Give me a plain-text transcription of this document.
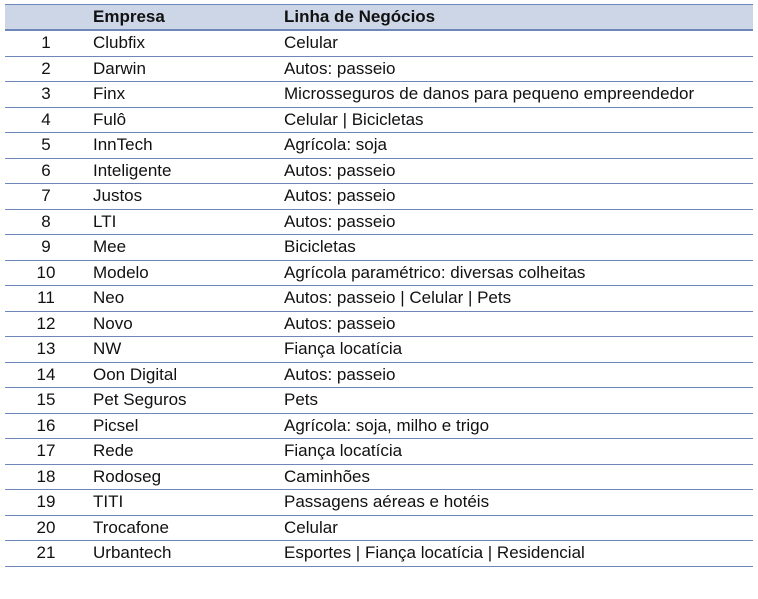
	Empresa	Linha de Negócios
1	Clubfix	Celular
2	Darwin	Autos: passeio
3	Finx	Microsseguros de danos para pequeno empreendedor
4	Fulô	Celular | Bicicletas
5	InnTech	Agrícola: soja
6	Inteligente	Autos: passeio
7	Justos	Autos: passeio
8	LTI	Autos: passeio
9	Mee	Bicicletas
10	Modelo	Agrícola paramétrico: diversas colheitas
11	Neo	Autos: passeio | Celular | Pets
12	Novo	Autos: passeio
13	NW	Fiança locatícia
14	Oon Digital	Autos: passeio
15	Pet Seguros	Pets
16	Picsel	Agrícola: soja, milho e trigo
17	Rede	Fiança locatícia
18	Rodoseg	Caminhões
19	TITI	Passagens aéreas e hotéis
20	Trocafone	Celular
21	Urbantech	Esportes | Fiança locatícia | Residencial
